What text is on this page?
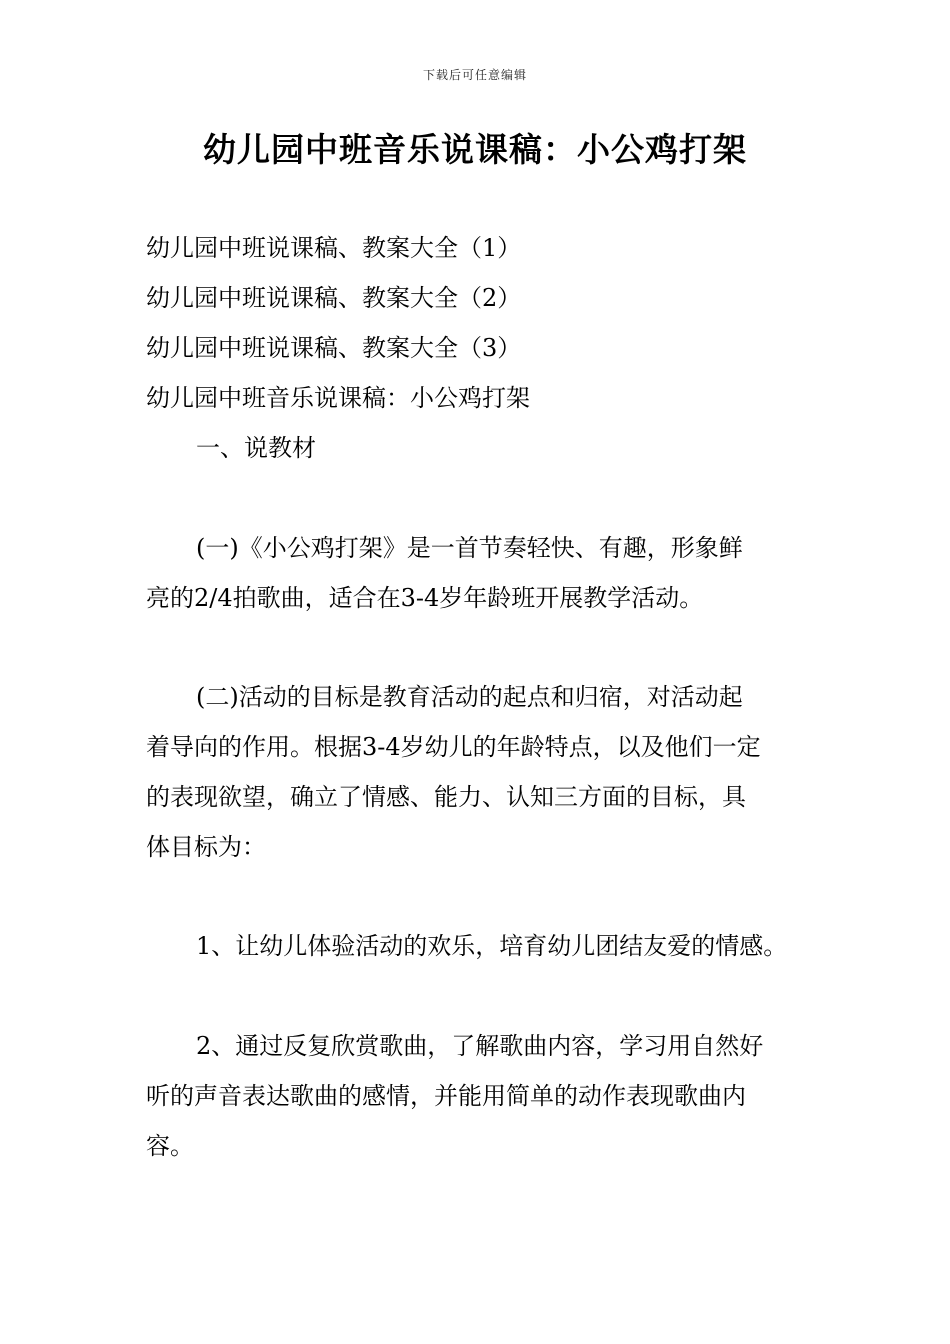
下载后可任意编辑
幼儿园中班音乐说课稿：小公鸡打架
幼儿园中班说课稿、教案大全（1）
幼儿园中班说课稿、教案大全（2）
幼儿园中班说课稿、教案大全（3）
幼儿园中班音乐说课稿：小公鸡打架
一、说教材
(一)《小公鸡打架》是一首节奏轻快、有趣，形象鲜
亮的2/4拍歌曲，适合在3-4岁年龄班开展教学活动。
(二)活动的目标是教育活动的起点和归宿，对活动起
着导向的作用。根据3-4岁幼儿的年龄特点，以及他们一定
的表现欲望，确立了情感、能力、认知三方面的目标，具
体目标为：
1、让幼儿体验活动的欢乐，培育幼儿团结友爱的情感。
2、通过反复欣赏歌曲，了解歌曲内容，学习用自然好
听的声音表达歌曲的感情，并能用简单的动作表现歌曲内
容。
